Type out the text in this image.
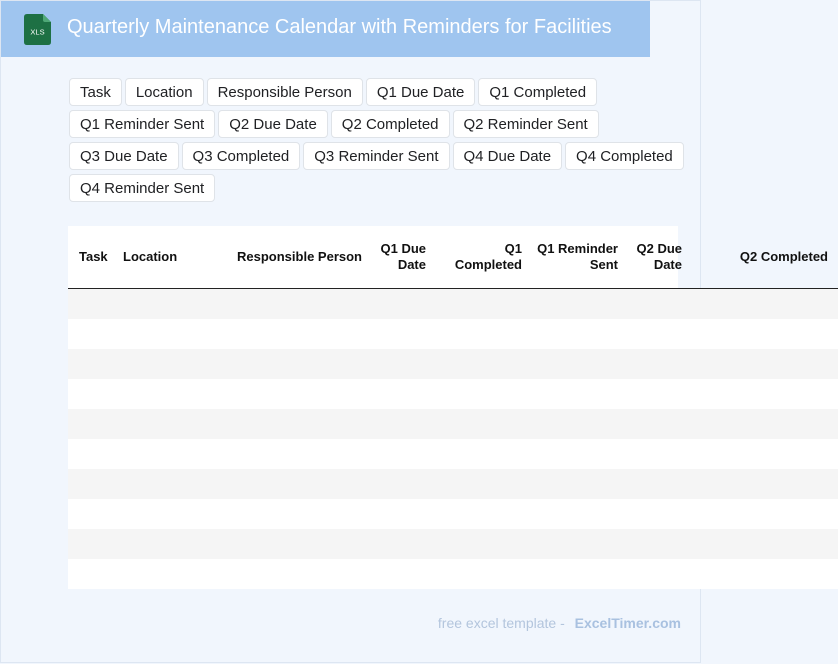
XLS Quarterly Maintenance Calendar with Reminders for Facilities
Task	Location	Responsible Person	Q1 Due Date	Q1 Completed
Q1 Reminder Sent	Q2 Due Date	Q2 Completed	Q2 Reminder Sent
Q3 Due Date	Q3 Completed	Q3 Reminder Sent	Q4 Due Date	Q4 Completed
Q4 Reminder Sent
Task	Location	Responsible Person	Q1 Due Date	Q1 Completed	Q1 Reminder Sent	Q2 Due Date	Q2 Completed

free excel template - ExcelTimer.com
